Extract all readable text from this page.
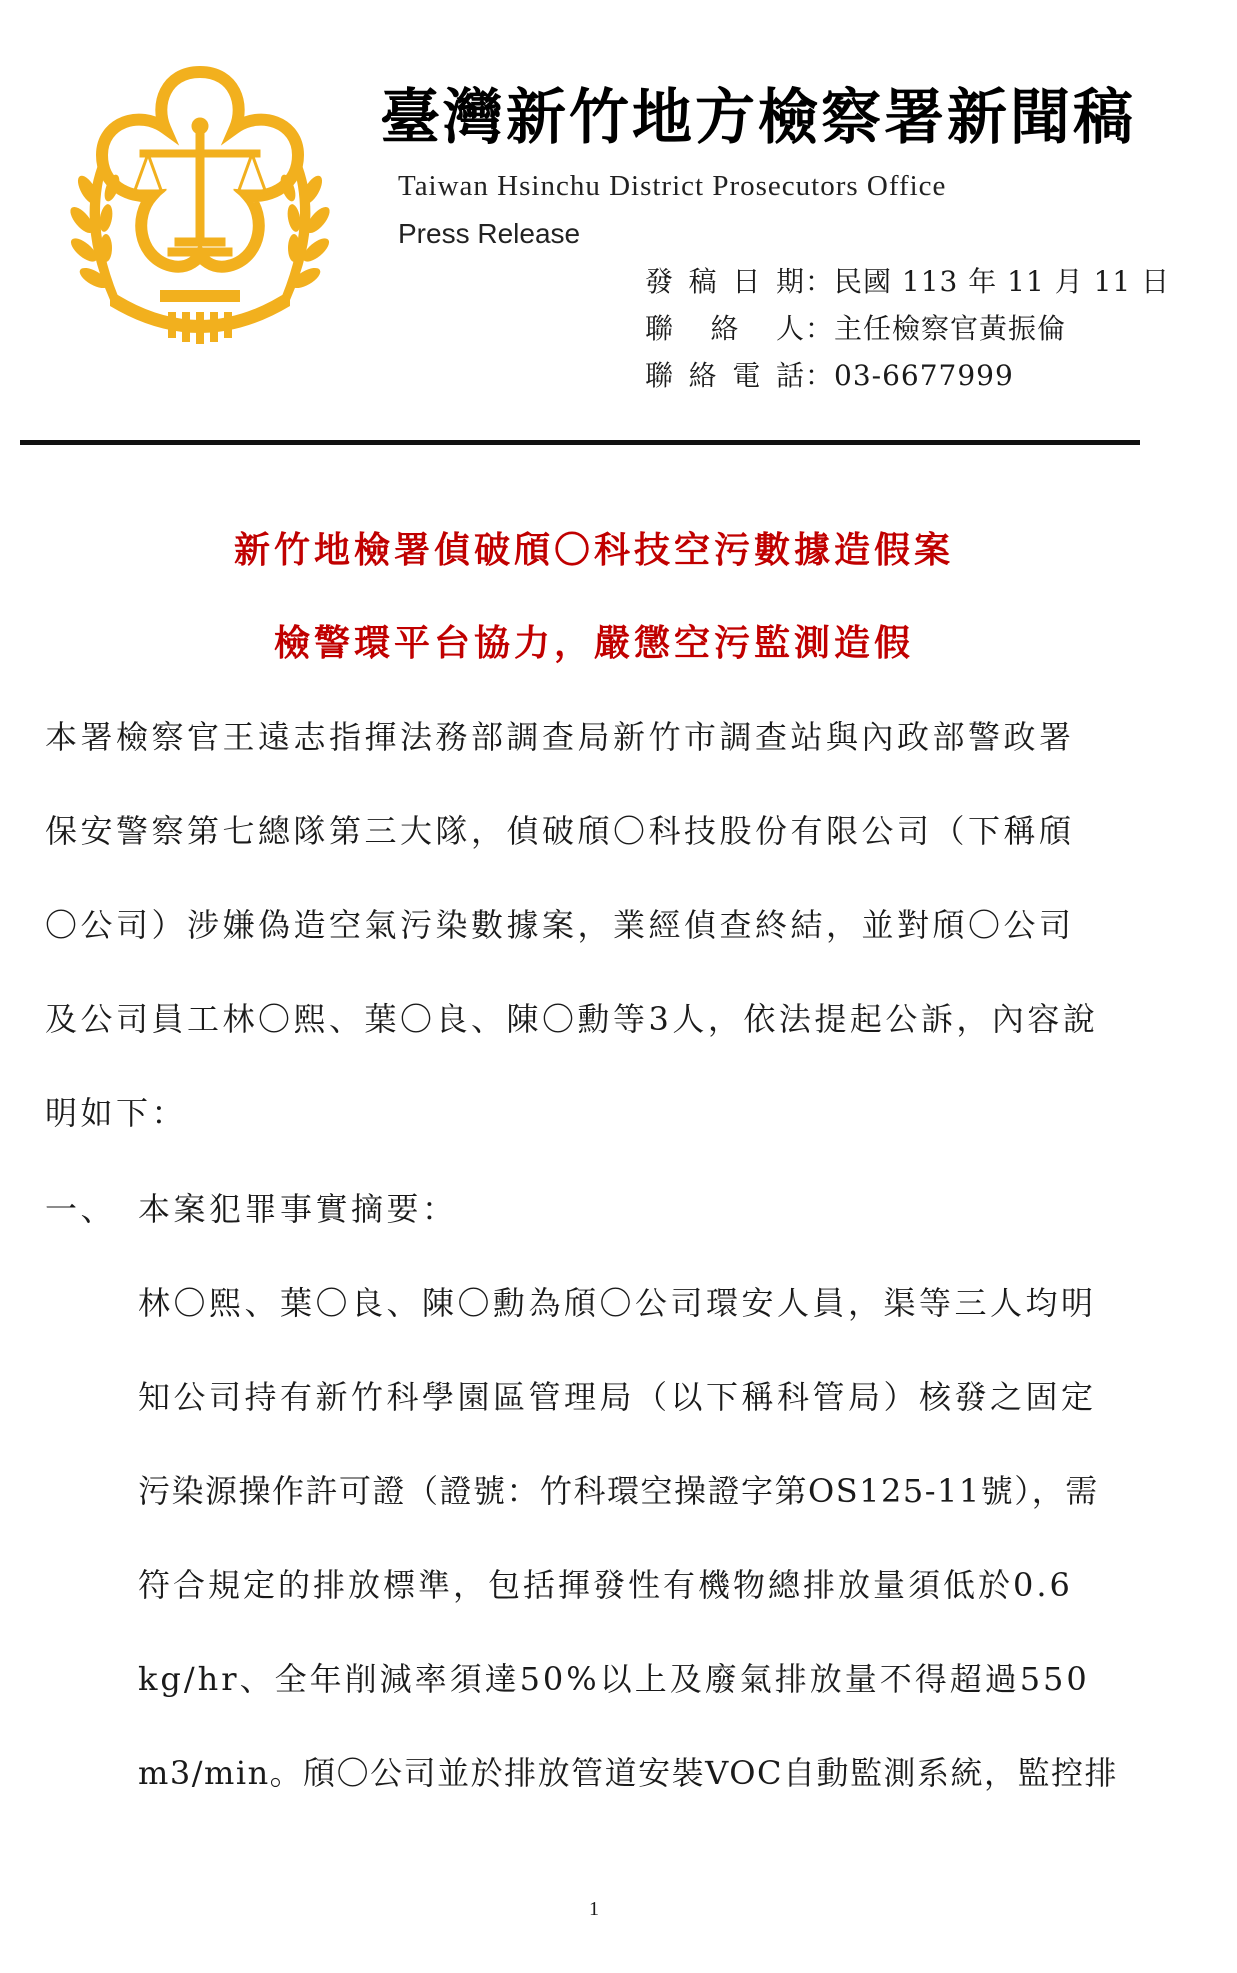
臺灣新竹地方檢察署新聞稿
Taiwan Hsinchu District Prosecutors Office
Press Release
發稿日期：民國 113 年 11 月 11 日
聯絡人：主任檢察官黃振倫
聯絡電話：03-6677999
新竹地檢署偵破頎〇科技空污數據造假案
檢警環平台協力，嚴懲空污監測造假
本署檢察官王遠志指揮法務部調查局新竹市調查站與內政部警政署
保安警察第七總隊第三大隊，偵破頎〇科技股份有限公司（下稱頎
〇公司）涉嫌偽造空氣污染數據案，業經偵查終結，並對頎〇公司
及公司員工林〇熙、葉〇良、陳〇勳等3人，依法提起公訴，內容說
明如下：
一、 本案犯罪事實摘要：
林〇熙、葉〇良、陳〇勳為頎〇公司環安人員，渠等三人均明
知公司持有新竹科學園區管理局（以下稱科管局）核發之固定
污染源操作許可證（證號：竹科環空操證字第OS125-11號），需
符合規定的排放標準，包括揮發性有機物總排放量須低於0.6
kg/hr、全年削減率須達50%以上及廢氣排放量不得超過550
m3/min。頎〇公司並於排放管道安裝VOC自動監測系統，監控排
1
